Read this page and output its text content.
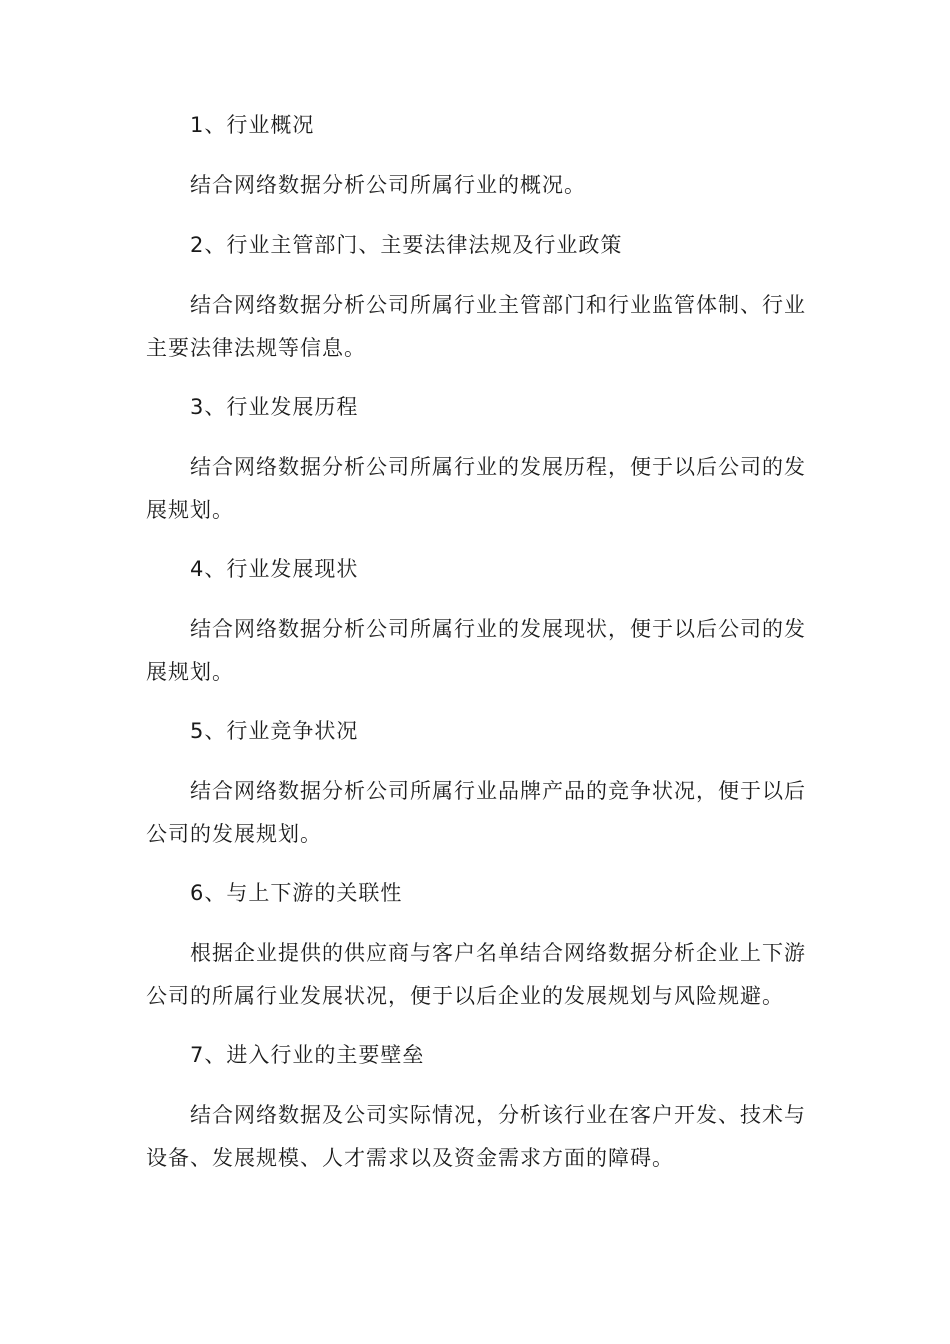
1、行业概况

结合网络数据分析公司所属行业的概况。

2、行业主管部门、主要法律法规及行业政策

结合网络数据分析公司所属行业主管部门和行业监管体制、行业主要法律法规等信息。

3、行业发展历程

结合网络数据分析公司所属行业的发展历程，便于以后公司的发展规划。

4、行业发展现状

结合网络数据分析公司所属行业的发展现状，便于以后公司的发展规划。

5、行业竞争状况

结合网络数据分析公司所属行业品牌产品的竞争状况，便于以后公司的发展规划。

6、与上下游的关联性

根据企业提供的供应商与客户名单结合网络数据分析企业上下游公司的所属行业发展状况，便于以后企业的发展规划与风险规避。

7、进入行业的主要壁垒

结合网络数据及公司实际情况，分析该行业在客户开发、技术与设备、发展规模、人才需求以及资金需求方面的障碍。
